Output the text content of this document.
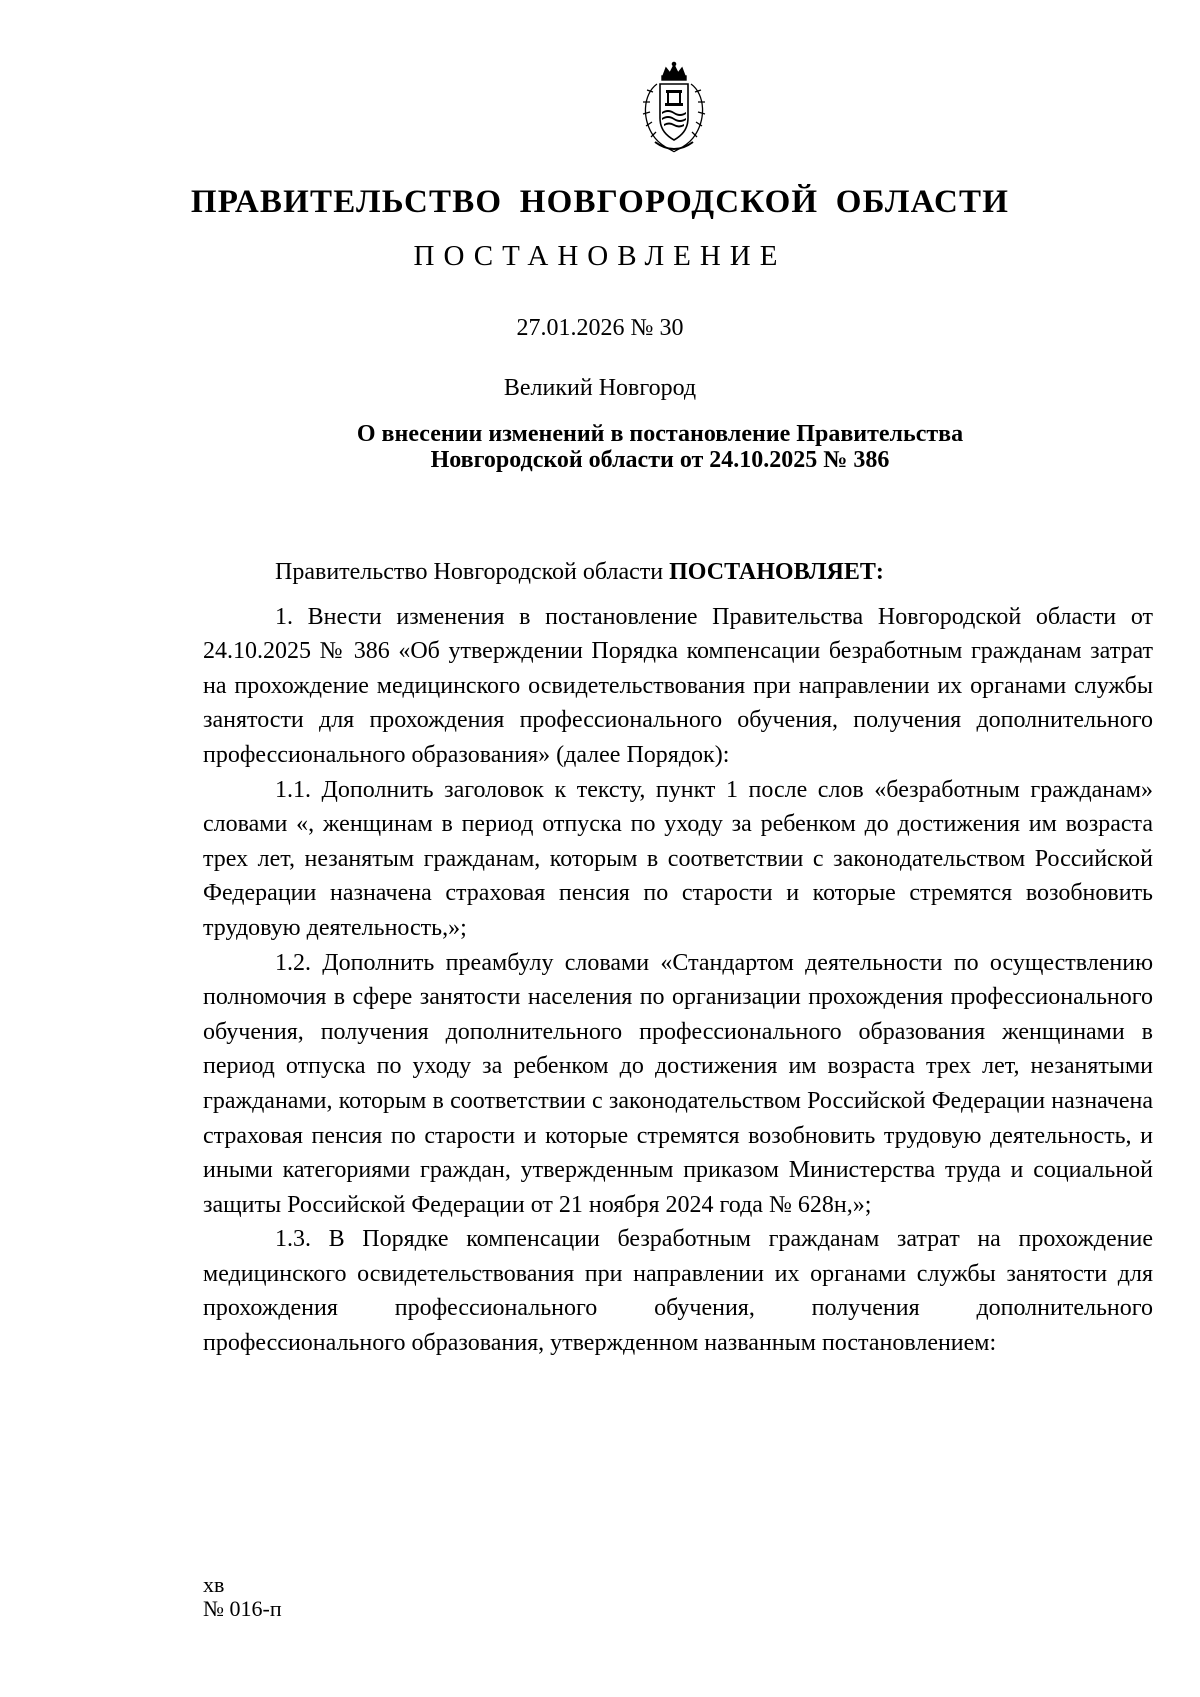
ПРАВИТЕЛЬСТВО НОВГОРОДСКОЙ ОБЛАСТИ
ПОСТАНОВЛЕНИЕ
27.01.2026 № 30
Великий Новгород
О внесении изменений в постановление Правительства
Новгородской области от 24.10.2025 № 386

Правительство Новгородской области ПОСТАНОВЛЯЕТ:

1. Внести изменения в постановление Правительства Новгородской области от 24.10.2025 № 386 «Об утверждении Порядка компенсации безработным гражданам затрат на прохождение медицинского освидетельствования при направлении их органами службы занятости для прохождения профессионального обучения, получения дополнительного профессионального образования» (далее Порядок):

1.1. Дополнить заголовок к тексту, пункт 1 после слов «безработным гражданам» словами «, женщинам в период отпуска по уходу за ребенком до достижения им возраста трех лет, незанятым гражданам, которым в соответствии с законодательством Российской Федерации назначена страховая пенсия по старости и которые стремятся возобновить трудовую деятельность,»;

1.2. Дополнить преамбулу словами «Стандартом деятельности по осуществлению полномочия в сфере занятости населения по организации прохождения профессионального обучения, получения дополнительного профессионального образования женщинами в период отпуска по уходу за ребенком до достижения им возраста трех лет, незанятыми гражданами, которым в соответствии с законодательством Российской Федерации назначена страховая пенсия по старости и которые стремятся возобновить трудовую деятельность, и иными категориями граждан, утвержденным приказом Министерства труда и социальной защиты Российской Федерации от 21 ноября 2024 года № 628н,»;

1.3. В Порядке компенсации безработным гражданам затрат на прохождение медицинского освидетельствования при направлении их органами службы занятости для прохождения профессионального обучения, получения дополнительного профессионального образования, утвержденном названным постановлением:

хв
№ 016-п
